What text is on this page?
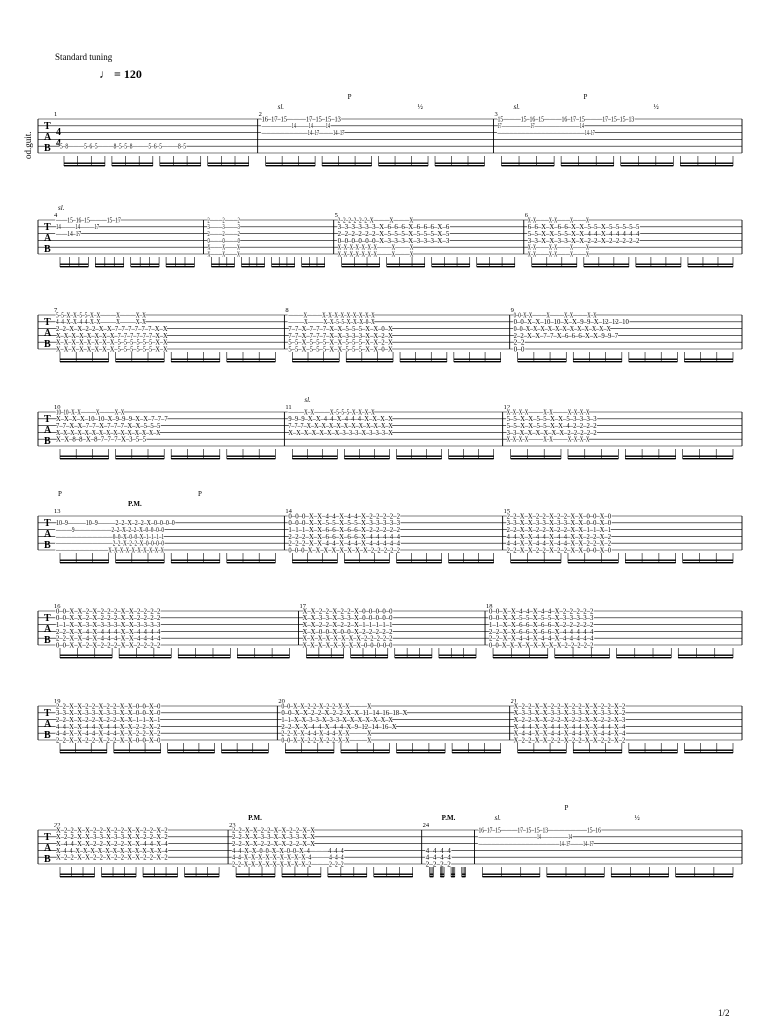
Standard tuning
♩ = 120
T
A
B
od.guit. 4
4
1
5–8———5–6–5———8–5–5–8———5–6–5———8–5
2
16–17–15———17–15–15–13
———————14———14———14
——————————14–17———14–17
sl.
P
½
3
15———15–16–15———16–17–15———17–15–15–13
17———————17———————————14
——————————————————————14–17
sl.
P
½
T
A
B
4
——15–16–15———15–17
14———14———17
——14–17
sl.
2———2———2
3———3———3
2———2———2
0———0———0
X———X———X
X———X———X
5
2–2–2–2–2–2–X———X———X
3–3–3–3–3–3–X–6–6–6–X–6–6–6–X–6
2–2–2–2–2–2–X–5–5–5–X–5–5–5–X–5
0–0–0–0–0–0–X–3–3–3–X–3–3–3–X–3
X–X–X–X–X–X–X———X———X
X–X–X–X–X–X–X———X———X
6
X–X———X–X———X———X
6–6–X–X–6–6–X–X–5–5–X–5–5–5–5–5
5–5–X–X–5–5–X–X–4–4–X–4–4–4–4–4
3–3–X–X–3–3–X–X–2–2–X–2–2–2–2–2
X–X———X–X———X———X
X–X———X–X———X———X
T
A
B
7
5–5–X–X–5–5–X–X———X———X–X
4–4–X–X–4–4–X–X———X———X–X
2–2–X–X–2–2–X–X–7–7–7–7–7–7–X–X
X–X–X–X–X–X–X–X–7–7–7–7–7–7–X–X
X–X–X–X–X–X–X–X–5–5–5–5–5–5–X–X
X–X–X–X–X–X–X–X–5–5–5–5–5–5–X–X
8
———X———X–X–X–X–X–X–X–X–X
———X———X–X–5–5–X–X–X–0–X
7–7–X–7–7–7–X–X–5–5–5–X–X–0–X
7–7–X–7–7–7–X–X–3–3–3–X–X–2–X
5–5–X–5–5–5–X–X–5–5–5–X–X–2–X
5–5–X–5–5–5–X–X–5–5–5–X–X–0–X
9
0–0–X–X———X———X–X———X–X
0–0–X–X–10–10–X–X–9–9–X–12–12–10
0–0–X–X–X–X–X–X–X–X–X–X–X–X
2–2–X–X–7–7–X–6–6–6–X–X–9–9–7
2–2
0–0
T
A
B
10
10–10–X–X———X———X–X
X–X–X–X–10–10–X–9–9–9–X–X–7–7–7
7–7–X–X–7–7–X–7–7–7–X–X–5–5–5
X–X–X–X–X–X–X–X–X–X–X–X–X–X–X
X–X–8–8–X–8–7–7–7–X–3–5–5
11
———X–X———X–5–5–5–X–X–X–X
9–9–9–X–X–4–4–X–4–4–4–X–X–X–X
7–7–7–X–X–X–X–X–X–X–X–X–X–X–X
X–X–X–X–X–X–X–3–3–3–X–3–3–3–X
sl.
12
X–X–X–X———X–X———X–X–X–X
5–5–X–X–5–5–X–X–5–3–3–3–3
5–5–X–X–5–5–X–X–4–2–2–2–2
3–3–X–X–X–X–X–X–2–2–2–2–2
X–X–X–X———X–X———X–X–X–X
T
A
B
13
10–9———10–9———2–2–X–2–2–X–0–0–0–0
———9———————2–2–X–2–2–X–0–0–0–0
———————————0–0–X–0–0–X–1–1–1–1
———————————2–2–X–2–2–X–0–0–0–0
———————————X–X–X–X–X–X–X–X–X–X
P
P.M.
P
14
0–0–0–X–X–4–4–X–4–4–X–2–2–2–2–2
0–0–0–X–X–5–5–X–5–5–X–3–3–3–3–3
1–1–1–X–X–6–6–X–6–6–X–2–2–2–2–2
2–2–2–X–X–6–6–X–6–6–X–4–4–4–4–4
2–2–2–X–X–4–4–X–4–4–X–4–4–4–4–4
0–0–0–X–X–X–X–X–X–X–X–2–2–2–2–2
15
2–2–X–X–2–2–X–2–2–X–X–0–0–X–0
3–3–X–X–3–3–X–3–3–X–X–0–0–X–0
2–2–X–X–2–2–X–2–2–X–X–1–1–X–1
4–4–X–X–4–4–X–4–4–X–X–2–2–X–2
4–4–X–X–4–4–X–4–4–X–X–2–2–X–2
2–2–X–X–2–2–X–2–2–X–X–0–0–X–0
T
A
B
16
0–0–X–X–2–X–2–2–2–X–X–2–2–2–2
0–0–X–X–2–X–2–2–2–X–X–2–2–2–2
1–1–X–X–3–X–3–3–3–X–X–3–3–3–3
2–2–X–X–4–X–4–4–4–X–X–4–4–4–4
2–2–X–X–4–X–4–4–4–X–X–4–4–4–4
0–0–X–X–2–X–2–2–2–X–X–2–2–2–2
17
X–X–2–2–X–2–2–X–0–0–0–0–0
X–X–3–3–X–3–3–X–0–0–0–0–0
X–X–2–2–X–2–2–X–1–1–1–1–1
X–X–0–0–X–0–0–X–2–2–2–2–2
X–X–X–X–X–X–X–X–2–2–2–2–2
X–X–X–X–X–X–X–X–0–0–0–0–0
18
0–0–X–X–4–4–X–4–4–X–2–2–2–2–2
0–0–X–X–5–5–X–5–5–X–3–3–3–3–3
1–1–X–X–6–6–X–6–6–X–2–2–2–2–2
2–2–X–X–6–6–X–6–6–X–4–4–4–4–4
2–2–X–X–4–4–X–4–4–X–4–4–4–4–4
0–0–X–X–X–X–X–X–X–X–2–2–2–2–2
T
A
B
19
2–2–X–X–2–2–X–2–2–X–X–0–0–X–0
3–3–X–X–3–3–X–3–3–X–X–0–0–X–0
2–2–X–X–2–2–X–2–2–X–X–1–1–X–1
4–4–X–X–4–4–X–4–4–X–X–2–2–X–2
4–4–X–X–4–4–X–4–4–X–X–2–2–X–2
2–2–X–X–2–2–X–2–2–X–X–0–0–X–0
20
0–0–X–X–2–2–X–2–2–X–X———X
0–0–X–X–2–2–X–2–2–X–X–11–14–16–18–X
1–1–X–X–3–3–X–3–3–X–X–X–X–X–X–X
2–2–X–X–4–4–X–4–4–X–9–12–14–16–X
2–2–X–X–4–4–X–4–4–X–X———X
0–0–X–X–2–2–X–2–2–X–X———X
21
X–2–2–X–X–2–2–X–2–2–X–X–2–2–X–2
X–3–3–X–X–3–3–X–3–3–X–X–3–3–X–2
X–2–2–X–X–2–2–X–2–2–X–X–2–2–X–3
X–4–4–X–X–4–4–X–4–4–X–X–4–4–X–4
X–4–4–X–X–4–4–X–4–4–X–X–4–4–X–4
X–2–2–X–X–2–2–X–2–2–X–X–2–2–X–2
T
A
B
22
X–2–2–X–X–2–2–X–2–2–X–X–2–2–X–2
X–2–2–X–X–3–3–X–3–3–X–X–2–2–X–2
X–4–4–X–X–2–2–X–2–2–X–X–4–4–X–4
X–4–4–X–X–X–X–X–X–X–X–X–X–X–X–4
X–2–2–X–X–2–2–X–2–2–X–X–2–2–X–2
23
2–2–X–X–2–2–X–X–2–2–X–X
2–2–X–X–3–3–X–X–3–3–X–X
2–2–X–X–2–2–X–X–2–2–X–X
4–4–X–X–0–0–X–X–0–0–X–4———4–4–4
4–4–X–X–X–X–X–X–X–X–X–4———4–4–4
2–2–X–X–X–X–X–X–X–X–X–2———2–2–2
P.M.
24
4–4–4–4
4–4–4–4
2–2–2–2
P.M.
16–17–15———17–15–15–13———————15–16
———————————————14———————14
———————————————————14–17———14–17
sl.
P
½
1/2
